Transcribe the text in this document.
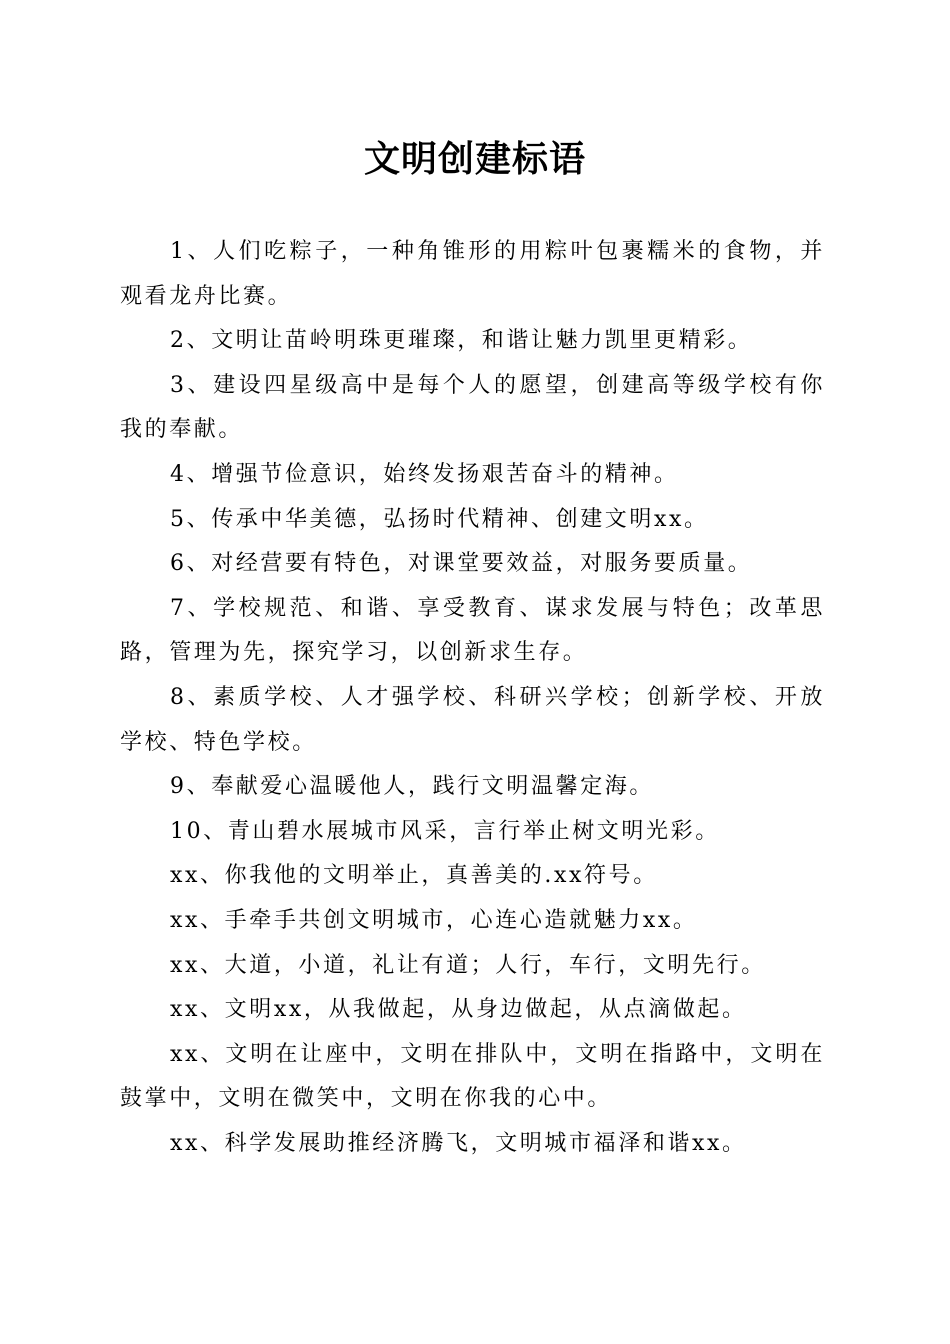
文明创建标语

1、人们吃粽子，一种角锥形的用粽叶包裹糯米的食物，并观看龙舟比赛。

2、文明让苗岭明珠更璀璨，和谐让魅力凯里更精彩。

3、建设四星级高中是每个人的愿望，创建高等级学校有你我的奉献。

4、增强节俭意识，始终发扬艰苦奋斗的精神。

5、传承中华美德，弘扬时代精神、创建文明xx。

6、对经营要有特色，对课堂要效益，对服务要质量。

7、学校规范、和谐、享受教育、谋求发展与特色；改革思路，管理为先，探究学习，以创新求生存。

8、素质学校、人才强学校、科研兴学校；创新学校、开放学校、特色学校。

9、奉献爱心温暖他人，践行文明温馨定海。

10、青山碧水展城市风采，言行举止树文明光彩。

xx、你我他的文明举止，真善美的.xx符号。

xx、手牵手共创文明城市，心连心造就魅力xx。

xx、大道，小道，礼让有道；人行，车行，文明先行。

xx、文明xx，从我做起，从身边做起，从点滴做起。

xx、文明在让座中，文明在排队中，文明在指路中，文明在鼓掌中，文明在微笑中，文明在你我的心中。

xx、科学发展助推经济腾飞，文明城市福泽和谐xx。
